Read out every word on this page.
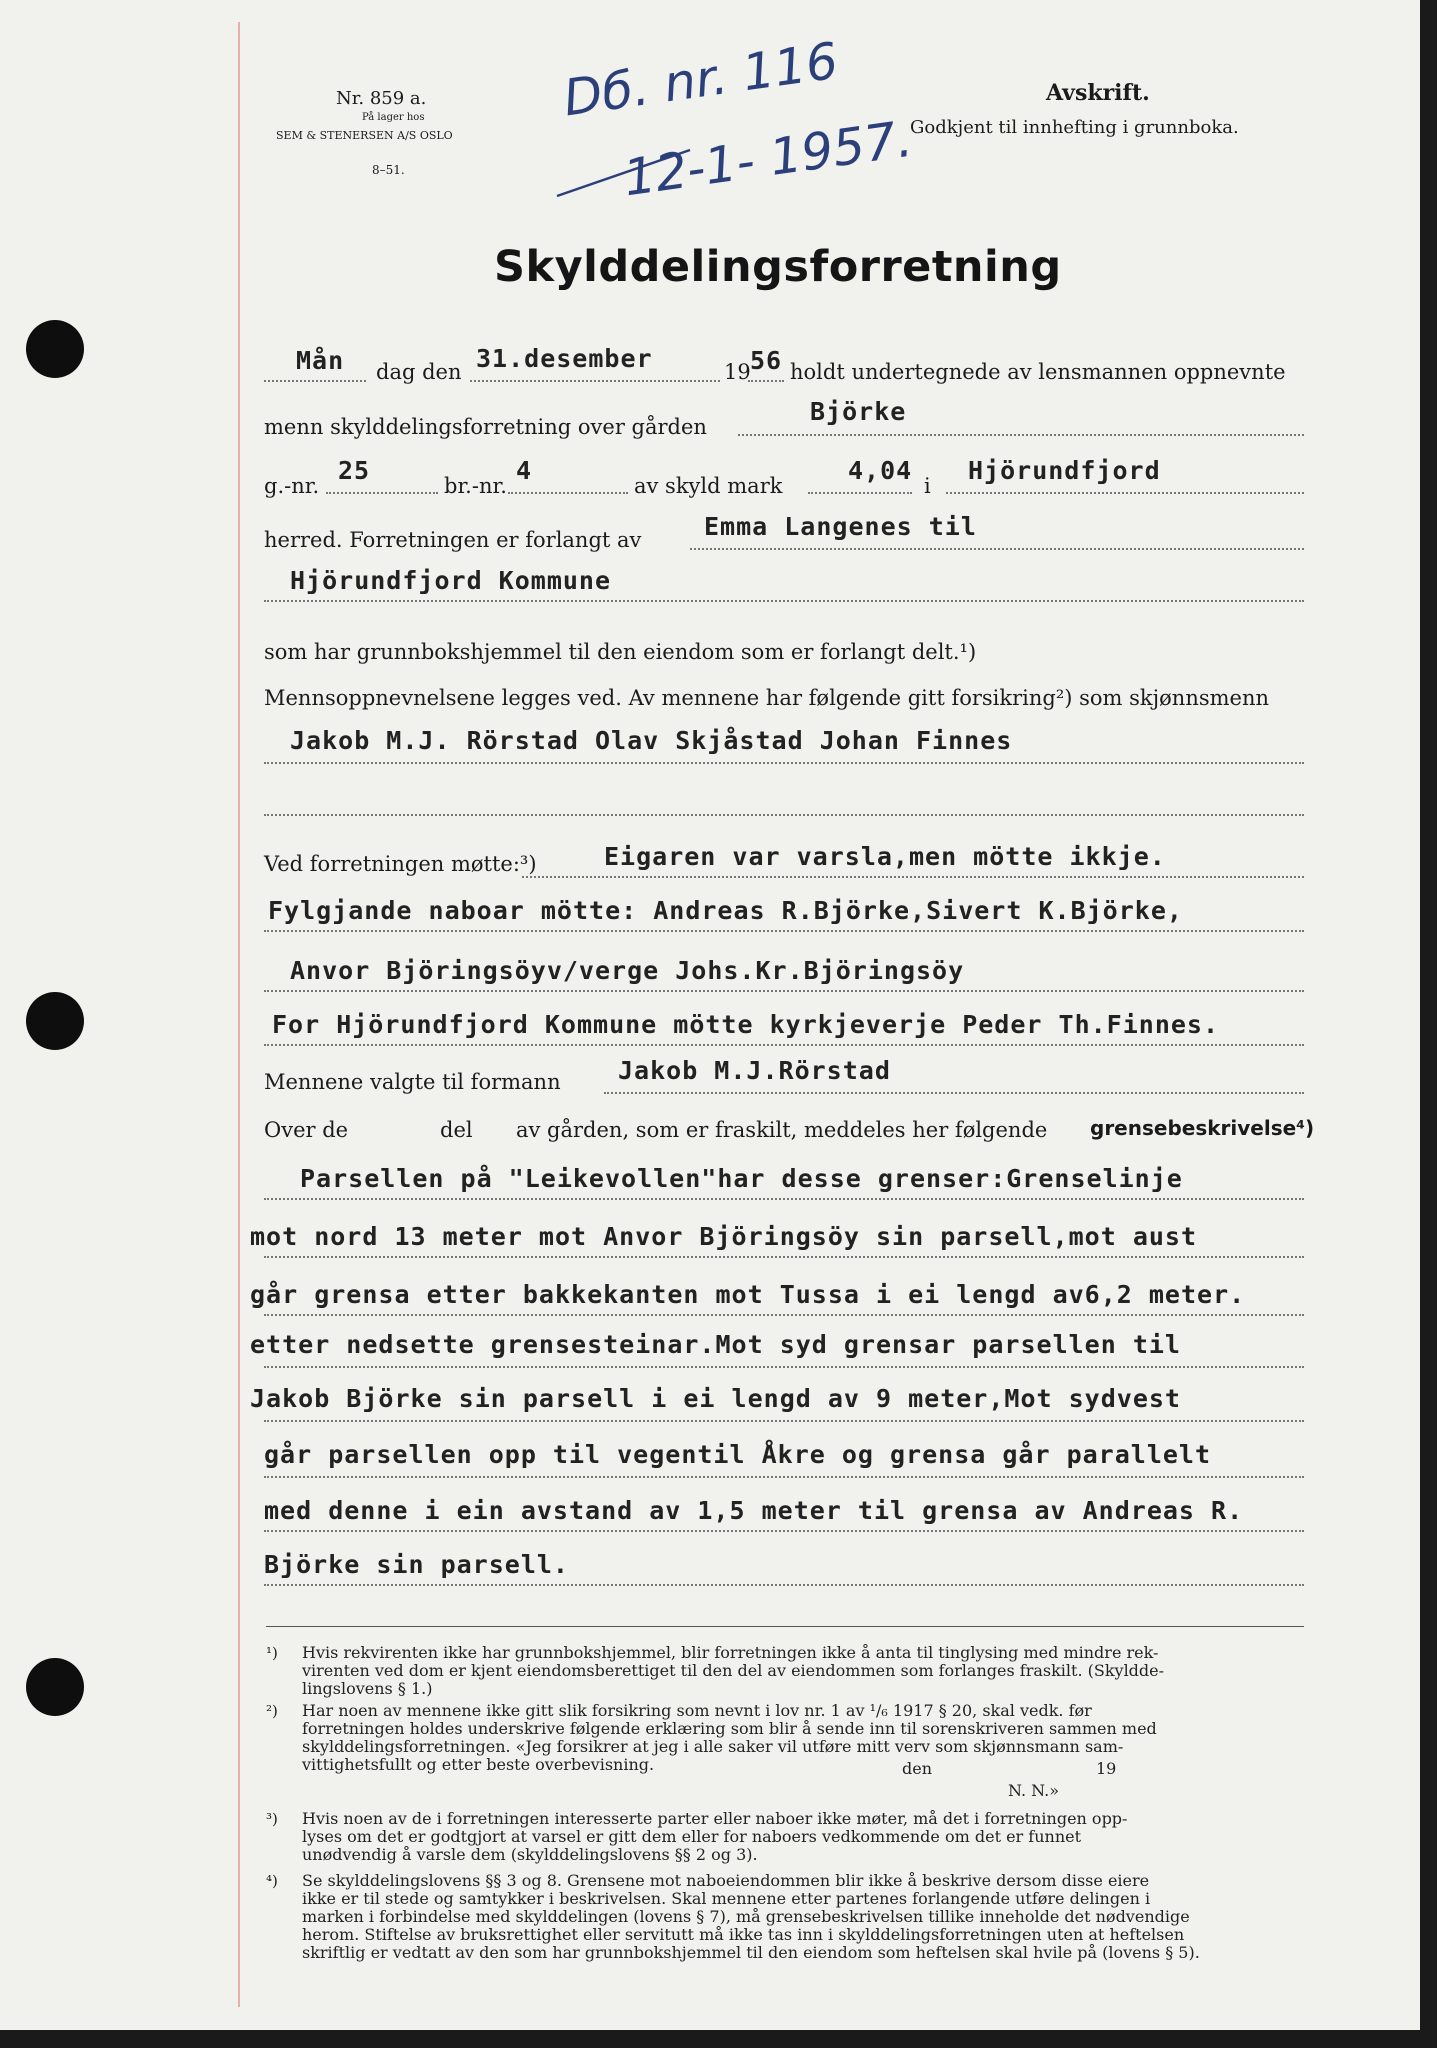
Nr. 859 a.
På lager hos
SEM & STENERSEN A/S OSLO
8–51.
Dб. nr. 116
12-1- 1957.
Avskrift.
Godkjent til innhefting i grunnboka.
Skylddelingsforretning
Mån dag den 31.desember	19 56 holdt undertegnede av lensmannen oppnevnte
menn skylddelingsforretning over gården
Björke
g.-nr.
25
br.-nr.
4
av skyld mark
4,04
i
Hjörundfjord
herred. Forretningen er forlangt av	Emma Langenes til
Hjörundfjord Kommune
som har grunnbokshjemmel til den eiendom som er forlangt delt.¹)
Mennsoppnevnelsene legges ved. Av mennene har følgende gitt forsikring²) som skjønnsmenn
Jakob M.J. Rörstad Olav Skjåstad Johan Finnes
Ved forretningen møtte:³)	Eigaren var varsla,men mötte ikkje.
Fylgjande naboar mötte: Andreas R.Björke,Sivert K.Björke,
Anvor Björingsöyv/verge Johs.Kr.Björingsöy
For Hjörundfjord Kommune mötte kyrkjeverje Peder Th.Finnes.
Mennene valgte til formann Jakob M.J.Rörstad
Over de	del av gården, som er fraskilt, meddeles her følgende grensebeskrivelse⁴)
Parsellen på "Leikevollen"har desse grenser:Grenselinje
mot nord 13 meter mot Anvor Björingsöy sin parsell,mot aust
går grensa etter bakkekanten mot Tussa i ei lengd av6,2 meter.
etter nedsette grensesteinar.Mot syd grensar parsellen til
Jakob Björke sin parsell i ei lengd av 9 meter,Mot sydvest
går parsellen opp til vegentil Åkre og grensa går parallelt
med denne i ein avstand av 1,5 meter til grensa av Andreas R.
Björke sin parsell.
¹) Hvis rekvirenten ikke har grunnbokshjemmel, blir forretningen ikke å anta til tinglysing med mindre rek-
virenten ved dom er kjent eiendomsberettiget til den del av eiendommen som forlanges fraskilt. (Skyldde-
lingslovens § 1.)
²) Har noen av mennene ikke gitt slik forsikring som nevnt i lov nr. 1 av ¹/₆ 1917 § 20, skal vedk. før
forretningen holdes underskrive følgende erklæring som blir å sende inn til sorenskriveren sammen med
skylddelingsforretningen. «Jeg forsikrer at jeg i alle saker vil utføre mitt verv som skjønnsmann sam-
vittighetsfullt og etter beste overbevisning.	den	19
N. N.»
³) Hvis noen av de i forretningen interesserte parter eller naboer ikke møter, må det i forretningen opp-
lyses om det er godtgjort at varsel er gitt dem eller for naboers vedkommende om det er funnet
unødvendig å varsle dem (skylddelingslovens §§ 2 og 3).
⁴) Se skylddelingslovens §§ 3 og 8. Grensene mot naboeiendommen blir ikke å beskrive dersom disse eiere
ikke er til stede og samtykker i beskrivelsen. Skal mennene etter partenes forlangende utføre delingen i
marken i forbindelse med skylddelingen (lovens § 7), må grensebeskrivelsen tillike inneholde det nødvendige
herom. Stiftelse av bruksrettighet eller servitutt må ikke tas inn i skylddelingsforretningen uten at heftelsen
skriftlig er vedtatt av den som har grunnbokshjemmel til den eiendom som heftelsen skal hvile på (lovens § 5).
